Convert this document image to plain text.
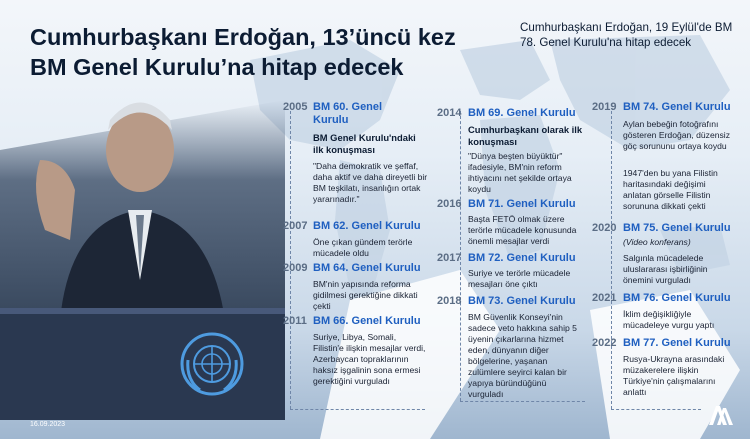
Cumhurbaşkanı Erdoğan, 13’üncü kez
BM Genel Kurulu’na hitap edecek
Cumhurbaşkanı Erdoğan, 19 Eylül'de BM 78. Genel Kurulu'na hitap edecek
16.09.2023
2005 BM 60. Genel
Kurulu
BM Genel Kurulu'ndaki ilk konuşması
"Daha demokratik ve şeffaf, daha aktif ve daha direyetli bir BM teşkilatı, insanlığın ortak yararınadır."
2007 BM 62. Genel Kurulu
Öne çıkan gündem terörle mücadele oldu
2009 BM 64. Genel Kurulu
BM'nin yapısında reforma gidilmesi gerektiğine dikkati çekti
2011 BM 66. Genel Kurulu
Suriye, Libya, Somali, Filistin'e ilişkin mesajlar verdi, Azerbaycan topraklarının haksız işgalinin sona ermesi gerektiğini vurguladı
2014 BM 69. Genel Kurulu
Cumhurbaşkanı olarak ilk konuşması
"Dünya beşten büyüktür" ifadesiyle, BM'nin reform ihtiyacını net şekilde ortaya koydu
2016 BM 71. Genel Kurulu
Başta FETÖ olmak üzere terörle mücadele konusunda önemli mesajlar verdi
2017 BM 72. Genel Kurulu
Suriye ve terörle mücadele mesajları öne çıktı
2018 BM 73. Genel Kurulu
BM Güvenlik Konseyi'nin sadece veto hakkına sahip 5 üyenin çıkarlarına hizmet eden, dünyanın diğer bölgelerine, yaşanan zulümlere seyirci kalan bir yapıya büründüğünü vurguladı
2019 BM 74. Genel Kurulu
Aylan bebeğin fotoğrafını gösteren Erdoğan, düzensiz göç sorununu ortaya koydu
1947'den bu yana Filistin haritasındaki değişimi anlatan görselle Filistin sorununa dikkati çekti
2020 BM 75. Genel Kurulu
(Video konferans)
Salgınla mücadelede uluslararası işbirliğinin önemini vurguladı
2021 BM 76. Genel Kurulu
İklim değişikliğiyle mücadeleye vurgu yaptı
2022 BM 77. Genel Kurulu
Rusya-Ukrayna arasındaki müzakerelere ilişkin Türkiye'nin çalışmalarını anlattı
